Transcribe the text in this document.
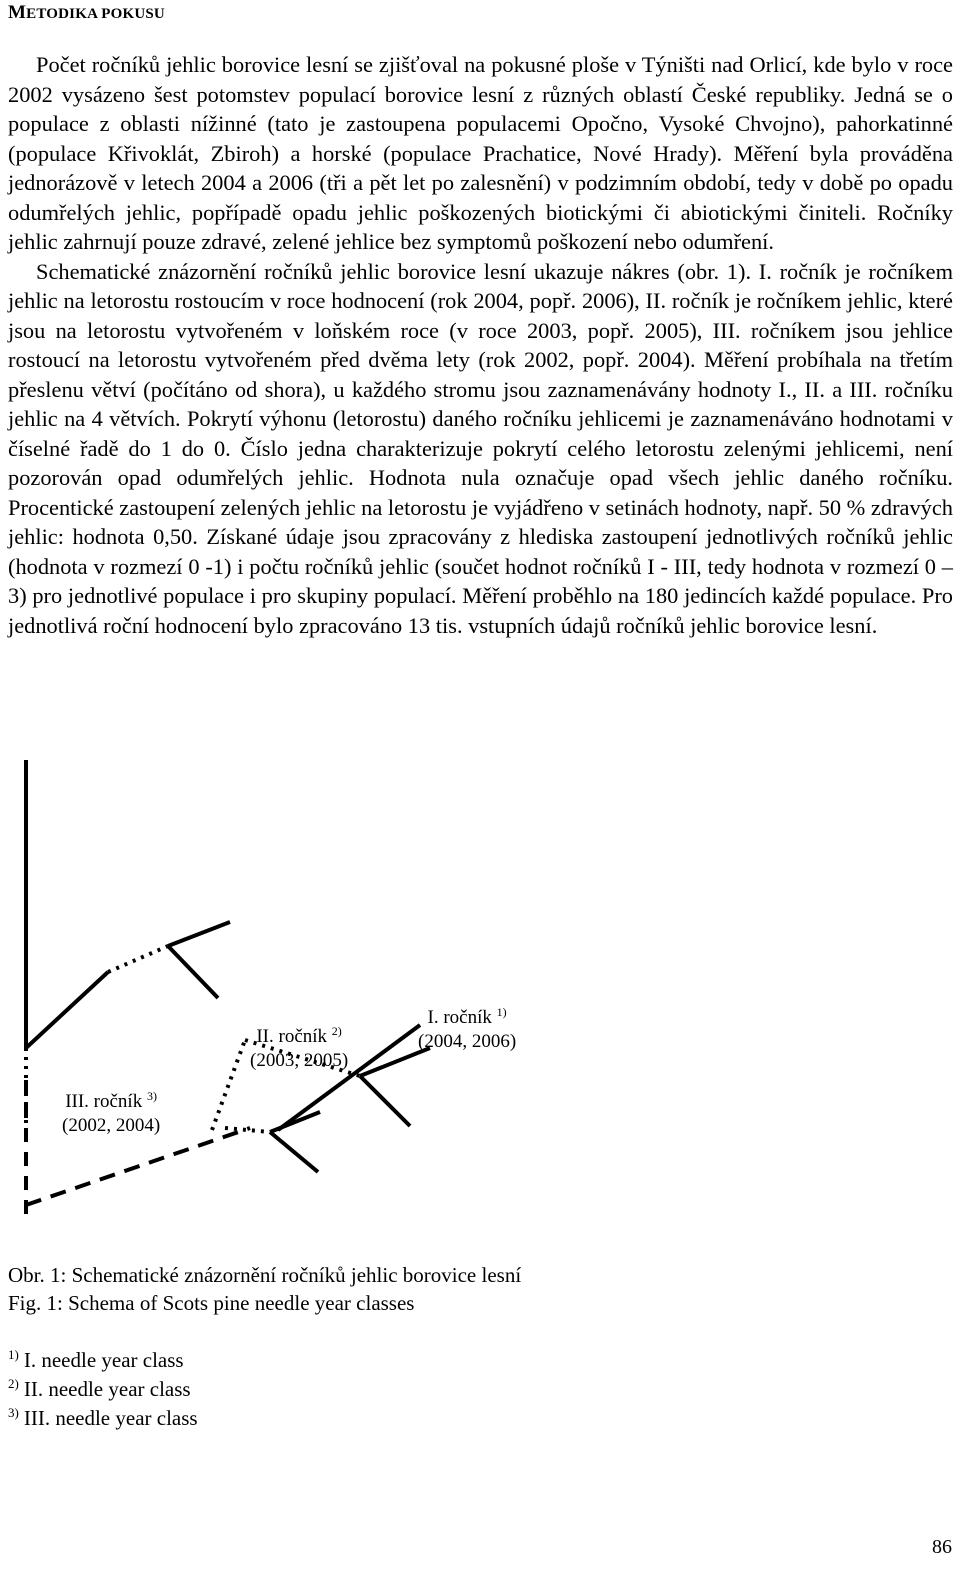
METODIKA POKUSU

Počet ročníků jehlic borovice lesní se zjišťoval na pokusné ploše v Týništi nad Orlicí, kde bylo v roce 2002 vysázeno šest potomstev populací borovice lesní z různých oblastí České republiky. Jedná se o populace z oblasti nížinné (tato je zastoupena populacemi Opočno, Vysoké Chvojno), pahorkatinné (populace Křivoklát, Zbiroh) a horské (populace Prachatice, Nové Hrady). Měření byla prováděna jednorázově v letech 2004 a 2006 (tři a pět let po zalesnění) v podzimním období, tedy v době po opadu odumřelých jehlic, popřípadě opadu jehlic poškozených biotickými či abiotickými činiteli. Ročníky jehlic zahrnují pouze zdravé, zelené jehlice bez symptomů poškození nebo odumření.

Schematické znázornění ročníků jehlic borovice lesní ukazuje nákres (obr. 1). I. ročník je ročníkem jehlic na letorostu rostoucím v roce hodnocení (rok 2004, popř. 2006), II. ročník je ročníkem jehlic, které jsou na letorostu vytvořeném v loňském roce (v roce 2003, popř. 2005), III. ročníkem jsou jehlice rostoucí na letorostu vytvořeném před dvěma lety (rok 2002, popř. 2004). Měření probíhala na třetím přeslenu větví (počítáno od shora), u každého stromu jsou zaznamenávány hodnoty I., II. a III. ročníku jehlic na 4 větvích. Pokrytí výhonu (letorostu) daného ročníku jehlicemi je zaznamenáváno hodnotami v číselné řadě do 1 do 0. Číslo jedna charakterizuje pokrytí celého letorostu zelenými jehlicemi, není pozorován opad odumřelých jehlic. Hodnota nula označuje opad všech jehlic daného ročníku. Procentické zastoupení zelených jehlic na letorostu je vyjádřeno v setinách hodnoty, např. 50 % zdravých jehlic: hodnota 0,50. Získané údaje jsou zpracovány z hlediska zastoupení jednotlivých ročníků jehlic (hodnota v rozmezí 0 -1) i počtu ročníků jehlic (součet hodnot ročníků I - III, tedy hodnota v rozmezí 0 – 3) pro jednotlivé populace i pro skupiny populací. Měření proběhlo na 180 jedincích každé populace. Pro jednotlivá roční hodnocení bylo zpracováno 13 tis. vstupních údajů ročníků jehlic borovice lesní.

I. ročník $^{1)}$
(2004, 2006)
II. ročník $^{2)}$
(2003, 2005)
III. ročník $^{3)}$
(2002, 2004)
Obr. 1: Schematické znázornění ročníků jehlic borovice lesní
Fig. 1: Schema of Scots pine needle year classes
$^{1)}$ I. needle year class
$^{2)}$ II. needle year class
$^{3)}$ III. needle year class
86
